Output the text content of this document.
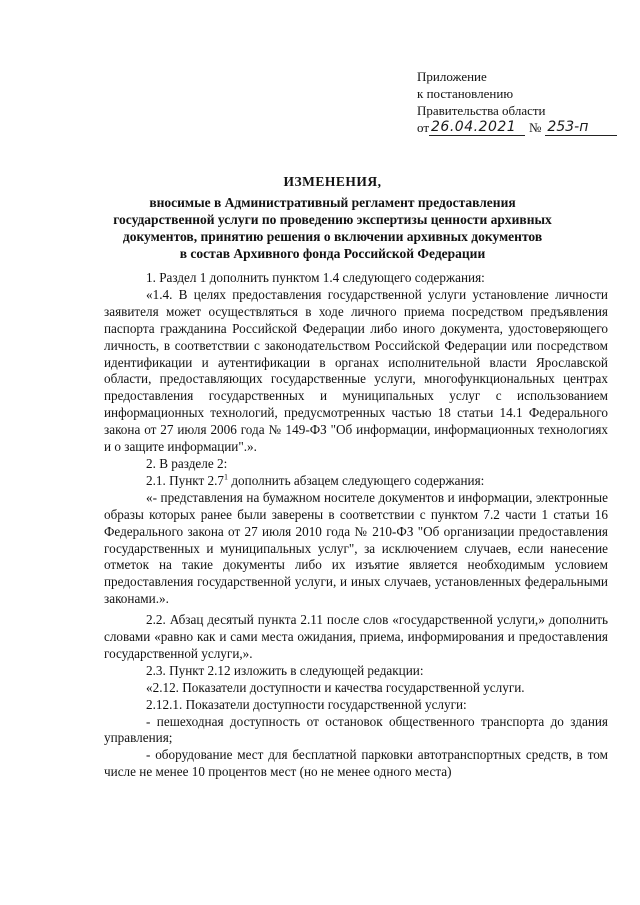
Приложение
к постановлению
Правительства области
от 26.04.2021 № 253-п
ИЗМЕНЕНИЯ,
вносимые в Административный регламент предоставления
государственной услуги по проведению экспертизы ценности архивных
документов, принятию решения о включении архивных документов
в состав Архивного фонда Российской Федерации

1. Раздел 1 дополнить пунктом 1.4 следующего содержания:

«1.4. В целях предоставления государственной услуги установление личности заявителя может осуществляться в ходе личного приема посредством предъявления паспорта гражданина Российской Федерации либо иного документа, удостоверяющего личность, в соответствии с законодательством Российской Федерации или посредством идентификации и аутентификации в органах исполнительной власти Ярославской области, предоставляющих государственные услуги, многофункциональных центрах предоставления государственных и муниципальных услуг с использованием информационных технологий, предусмотренных частью 18 статьи 14.1 Федерального закона от 27 июля 2006 года № 149-ФЗ "Об информации, информационных технологиях и о защите информации".».

2. В разделе 2:

2.1. Пункт $2.7^1$ дополнить абзацем следующего содержания:

«- представления на бумажном носителе документов и информации, электронные образы которых ранее были заверены в соответствии с пунктом 7.2 части 1 статьи 16 Федерального закона от 27 июля 2010 года № 210-ФЗ "Об организации предоставления государственных и муниципальных услуг", за исключением случаев, если нанесение отметок на такие документы либо их изъятие является необходимым условием предоставления государственной услуги, и иных случаев, установленных федеральными законами.».

2.2. Абзац десятый пункта 2.11 после слов «государственной услуги,» дополнить словами «равно как и сами места ожидания, приема, информирования и предоставления государственной услуги,».

2.3. Пункт 2.12 изложить в следующей редакции:

«2.12. Показатели доступности и качества государственной услуги.

2.12.1. Показатели доступности государственной услуги:

- пешеходная доступность от остановок общественного транспорта до здания управления;

- оборудование мест для бесплатной парковки автотранспортных средств, в том числе не менее 10 процентов мест (но не менее одного места)
